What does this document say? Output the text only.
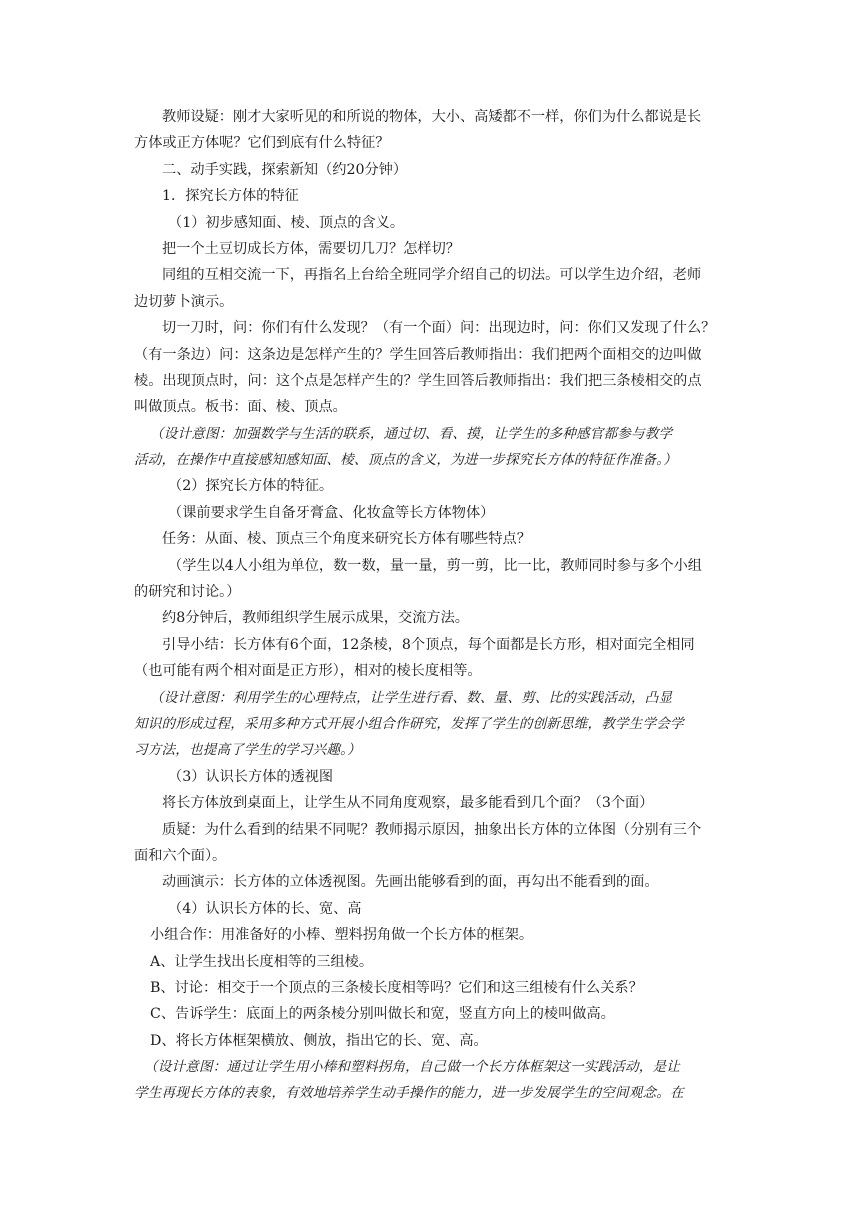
教师设疑：刚才大家听见的和所说的物体，大小、高矮都不一样，你们为什么都说是长
方体或正方体呢？它们到底有什么特征？
二、动手实践，探索新知（约20分钟）
1．探究长方体的特征
（1）初步感知面、棱、顶点的含义。
把一个土豆切成长方体，需要切几刀？怎样切？
同组的互相交流一下，再指名上台给全班同学介绍自己的切法。可以学生边介绍，老师
边切萝卜演示。
切一刀时，问：你们有什么发现？（有一个面）问：出现边时，问：你们又发现了什么？
（有一条边）问：这条边是怎样产生的？学生回答后教师指出：我们把两个面相交的边叫做
棱。出现顶点时，问：这个点是怎样产生的？学生回答后教师指出：我们把三条棱相交的点
叫做顶点。板书：面、棱、顶点。
（设计意图：加强数学与生活的联系，通过切、看、摸，让学生的多种感官都参与教学
活动，在操作中直接感知感知面、棱、顶点的含义，为进一步探究长方体的特征作准备。）
（2）探究长方体的特征。
（课前要求学生自备牙膏盒、化妆盒等长方体物体）
任务：从面、棱、顶点三个角度来研究长方体有哪些特点？
（学生以4人小组为单位，数一数，量一量，剪一剪，比一比，教师同时参与多个小组
的研究和讨论。）
约8分钟后，教师组织学生展示成果，交流方法。
引导小结：长方体有6个面，12条棱，8个顶点，每个面都是长方形，相对面完全相同
（也可能有两个相对面是正方形），相对的棱长度相等。
（设计意图：利用学生的心理特点，让学生进行看、数、量、剪、比的实践活动，凸显
知识的形成过程，采用多种方式开展小组合作研究，发挥了学生的创新思维，教学生学会学
习方法，也提高了学生的学习兴趣。）
（3）认识长方体的透视图
将长方体放到桌面上，让学生从不同角度观察，最多能看到几个面？（3个面）
质疑：为什么看到的结果不同呢？教师揭示原因，抽象出长方体的立体图（分别有三个
面和六个面）。
动画演示：长方体的立体透视图。先画出能够看到的面，再勾出不能看到的面。
（4）认识长方体的长、宽、高
小组合作：用准备好的小棒、塑料拐角做一个长方体的框架。
A、让学生找出长度相等的三组棱。
B、讨论：相交于一个顶点的三条棱长度相等吗？它们和这三组棱有什么关系？
C、告诉学生：底面上的两条棱分别叫做长和宽，竖直方向上的棱叫做高。
D、将长方体框架横放、侧放，指出它的长、宽、高。
（设计意图：通过让学生用小棒和塑料拐角，自己做一个长方体框架这一实践活动，是让
学生再现长方体的表象，有效地培养学生动手操作的能力，进一步发展学生的空间观念。在
